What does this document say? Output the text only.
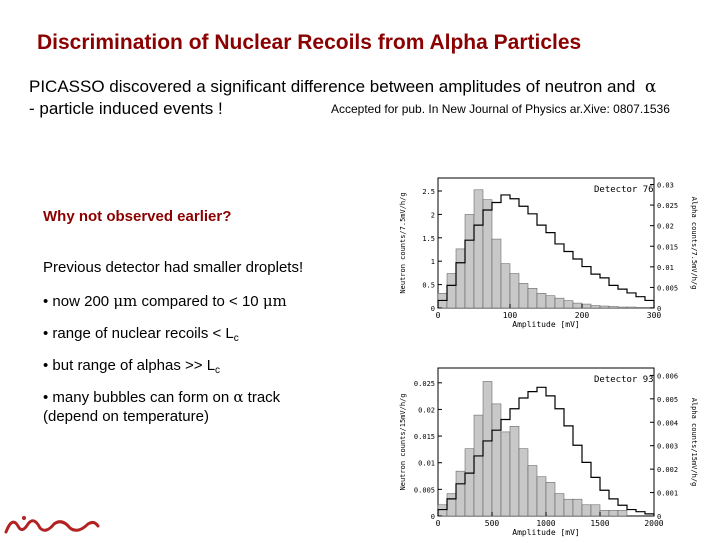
Discrimination of Nuclear Recoils from Alpha Particles
PICASSO discovered a significant difference between amplitudes of neutron and α
- particle induced events !	Accepted for pub. In New Journal of Physics ar.Xive: 0807.1536
Why not observed earlier?
Previous detector had smaller droplets!
• now 200 μm compared to < 10 μm
• range of nuclear recoils < $L_c$
• but range of alphas >> $L_c$
• many bubbles can form on α track
(depend on temperature)
0	100	200	300
Amplitude [mV]
0
0.5
1
1.5
2
2.5
0
0.005
0.01
0.015
0.02
0.025
0.03
Neutron counts/7.5mV/h/g	Alpha counts/7.5mV/h/g
Detector 76
0	500	1000	1500	2000
Amplitude [mV]
0
0.005
0.01
0.015
0.02
0.025
0
0.001
0.002
0.003
0.004
0.005
0.006
Neutron counts/15mV/h/g	Alpha counts/15mV/h/g
Detector 93
